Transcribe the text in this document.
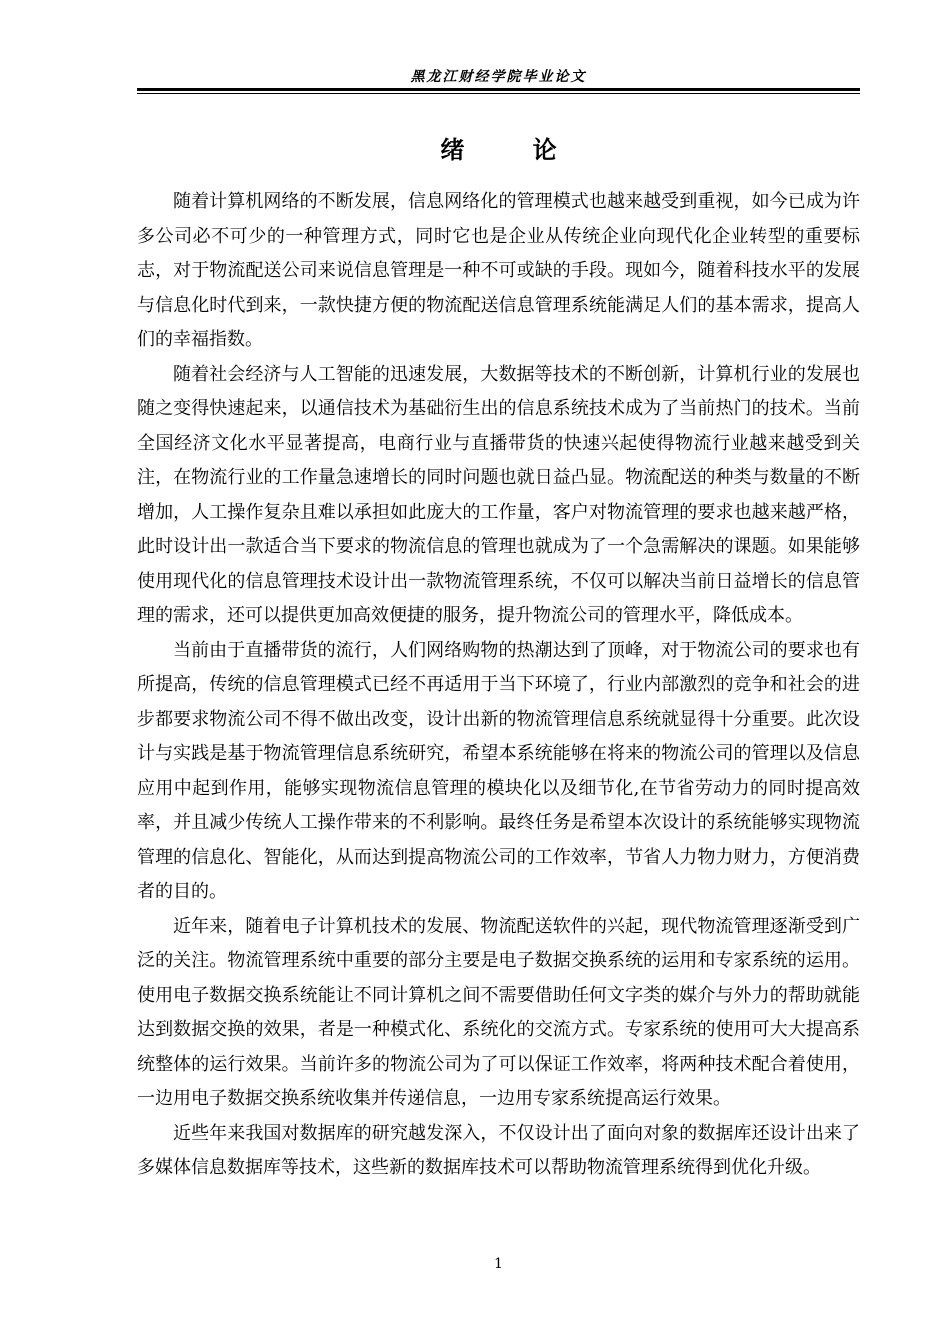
黑龙江财经学院毕业论文
绪 论

随着计算机网络的不断发展，信息网络化的管理模式也越来越受到重视，如今已成为许多公司必不可少的一种管理方式，同时它也是企业从传统企业向现代化企业转型的重要标志，对于物流配送公司来说信息管理是一种不可或缺的手段。现如今，随着科技水平的发展与信息化时代到来，一款快捷方便的物流配送信息管理系统能满足人们的基本需求，提高人们的幸福指数。

随着社会经济与人工智能的迅速发展，大数据等技术的不断创新，计算机行业的发展也随之变得快速起来，以通信技术为基础衍生出的信息系统技术成为了当前热门的技术。当前全国经济文化水平显著提高，电商行业与直播带货的快速兴起使得物流行业越来越受到关注，在物流行业的工作量急速增长的同时问题也就日益凸显。物流配送的种类与数量的不断增加，人工操作复杂且难以承担如此庞大的工作量，客户对物流管理的要求也越来越严格，此时设计出一款适合当下要求的物流信息的管理也就成为了一个急需解决的课题。如果能够使用现代化的信息管理技术设计出一款物流管理系统，不仅可以解决当前日益增长的信息管理的需求，还可以提供更加高效便捷的服务，提升物流公司的管理水平，降低成本。

当前由于直播带货的流行，人们网络购物的热潮达到了顶峰，对于物流公司的要求也有所提高，传统的信息管理模式已经不再适用于当下环境了，行业内部激烈的竞争和社会的进步都要求物流公司不得不做出改变，设计出新的物流管理信息系统就显得十分重要。此次设计与实践是基于物流管理信息系统研究，希望本系统能够在将来的物流公司的管理以及信息应用中起到作用，能够实现物流信息管理的模块化以及细节化,在节省劳动力的同时提高效率，并且减少传统人工操作带来的不利影响。最终任务是希望本次设计的系统能够实现物流管理的信息化、智能化，从而达到提高物流公司的工作效率，节省人力物力财力，方便消费者的目的。

近年来，随着电子计算机技术的发展、物流配送软件的兴起，现代物流管理逐渐受到广泛的关注。物流管理系统中重要的部分主要是电子数据交换系统的运用和专家系统的运用。使用电子数据交换系统能让不同计算机之间不需要借助任何文字类的媒介与外力的帮助就能达到数据交换的效果，者是一种模式化、系统化的交流方式。专家系统的使用可大大提高系统整体的运行效果。当前许多的物流公司为了可以保证工作效率，将两种技术配合着使用，一边用电子数据交换系统收集并传递信息，一边用专家系统提高运行效果。

近些年来我国对数据库的研究越发深入，不仅设计出了面向对象的数据库还设计出来了多媒体信息数据库等技术，这些新的数据库技术可以帮助物流管理系统得到优化升级。

1
